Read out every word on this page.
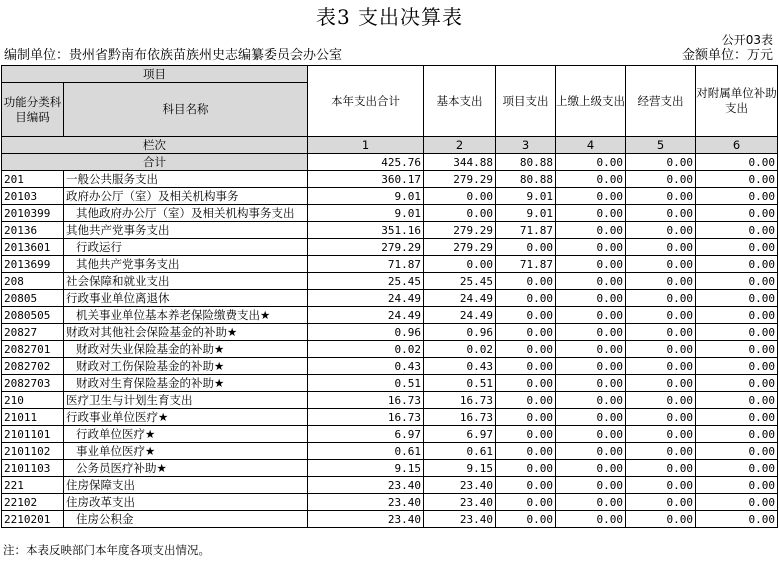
表3 支出决算表
公开03表
编制单位：贵州省黔南布依族苗族州史志编纂委员会办公室	金额单位：万元
项目		本年支出合计	基本支出	项目支出	上缴上级支出	经营支出	对附属单位补助支出
功能分类科目编码	科目名称						

栏次		1	2	3	4	5	6
合计		425.76	344.88	80.88	0.00	0.00	0.00
201	一般公共服务支出	360.17	279.29	80.88	0.00	0.00	0.00
20103	政府办公厅（室）及相关机构事务	9.01	0.00	9.01	0.00	0.00	0.00
2010399	其他政府办公厅（室）及相关机构事务支出	9.01	0.00	9.01	0.00	0.00	0.00
20136	其他共产党事务支出	351.16	279.29	71.87	0.00	0.00	0.00
2013601	行政运行	279.29	279.29	0.00	0.00	0.00	0.00
2013699	其他共产党事务支出	71.87	0.00	71.87	0.00	0.00	0.00
208	社会保障和就业支出	25.45	25.45	0.00	0.00	0.00	0.00
20805	行政事业单位离退休	24.49	24.49	0.00	0.00	0.00	0.00
2080505	机关事业单位基本养老保险缴费支出★	24.49	24.49	0.00	0.00	0.00	0.00
20827	财政对其他社会保险基金的补助★	0.96	0.96	0.00	0.00	0.00	0.00
2082701	财政对失业保险基金的补助★	0.02	0.02	0.00	0.00	0.00	0.00
2082702	财政对工伤保险基金的补助★	0.43	0.43	0.00	0.00	0.00	0.00
2082703	财政对生育保险基金的补助★	0.51	0.51	0.00	0.00	0.00	0.00
210	医疗卫生与计划生育支出	16.73	16.73	0.00	0.00	0.00	0.00
21011	行政事业单位医疗★	16.73	16.73	0.00	0.00	0.00	0.00
2101101	行政单位医疗★	6.97	6.97	0.00	0.00	0.00	0.00
2101102	事业单位医疗★	0.61	0.61	0.00	0.00	0.00	0.00
2101103	公务员医疗补助★	9.15	9.15	0.00	0.00	0.00	0.00
221	住房保障支出	23.40	23.40	0.00	0.00	0.00	0.00
22102	住房改革支出	23.40	23.40	0.00	0.00	0.00	0.00
2210201	住房公积金	23.40	23.40	0.00	0.00	0.00	0.00
注：本表反映部门本年度各项支出情况。
